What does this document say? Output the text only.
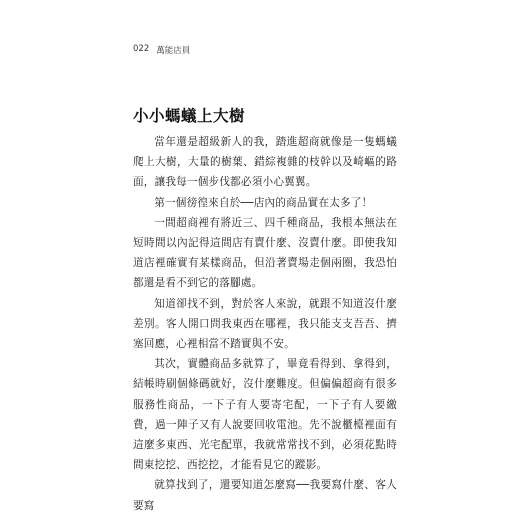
022 萬能店員
小小螞蟻上大樹

當年還是超級新人的我，踏進超商就像是一隻螞蟻爬上大樹，大量的樹葉、錯綜複雜的枝幹以及崎嶇的路面，讓我每一個步伐都必須小心翼翼。

第一個徬徨來自於──店內的商品實在太多了！

一間超商裡有將近三、四千種商品，我根本無法在短時間以內記得這間店有賣什麼、沒賣什麼。即使我知道店裡確實有某樣商品，但沿著賣場走個兩圈，我恐怕都還是看不到它的落腳處。

知道卻找不到，對於客人來說，就跟不知道沒什麼差別。客人開口問我東西在哪裡，我只能支支吾吾、擠塞回應，心裡相當不踏實與不安。

其次，實體商品多就算了，畢竟看得到、拿得到，結帳時刷個條碼就好，沒什麼難度。但偏偏超商有很多服務性商品，一下子有人要寄宅配，一下子有人要繳費，過一陣子又有人說要回收電池。先不說櫃檯裡面有這麼多東西、光宅配單，我就常常找不到，必須花點時間東挖挖、西挖挖，才能看見它的蹤影。

就算找到了，還要知道怎麼寫──我要寫什麼、客人要寫
